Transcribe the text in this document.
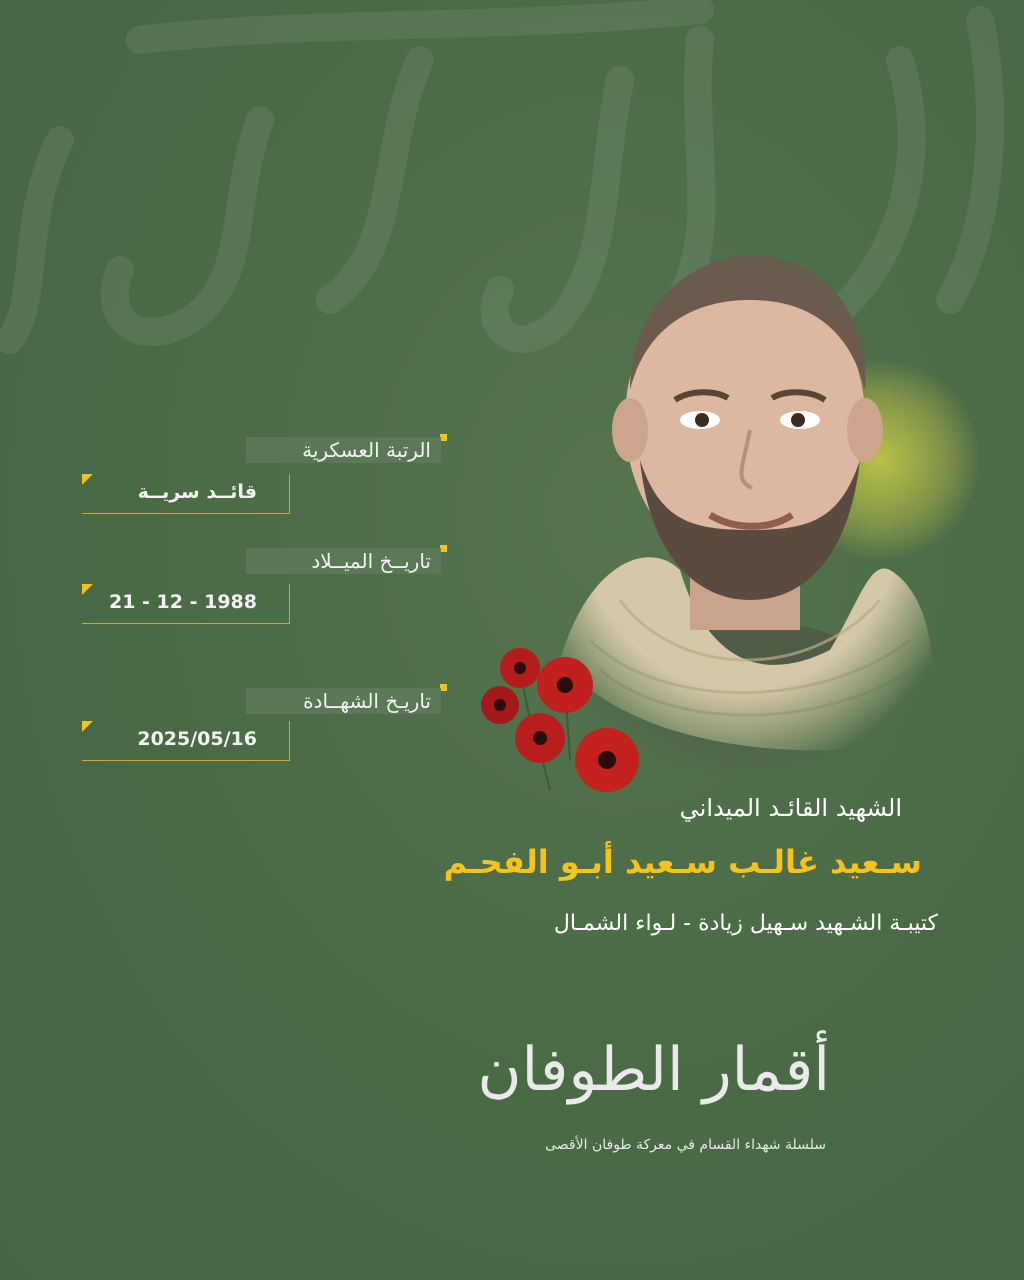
الرتبة العسكرية
قائــد سريــة
تاريــخ الميــلاد
21 - 12 - 1988
تاريـخ الشهــادة
2025/05/16
الشهيد القائـد الميداني
سـعيد غالـب سـعيد أبـو الفحـم
كتيبـة الشـهيد سـهيل زيادة - لـواء الشمـال
أقمار الطوفان
سلسلة شهداء القسام في معركة طوفان الأقصى
